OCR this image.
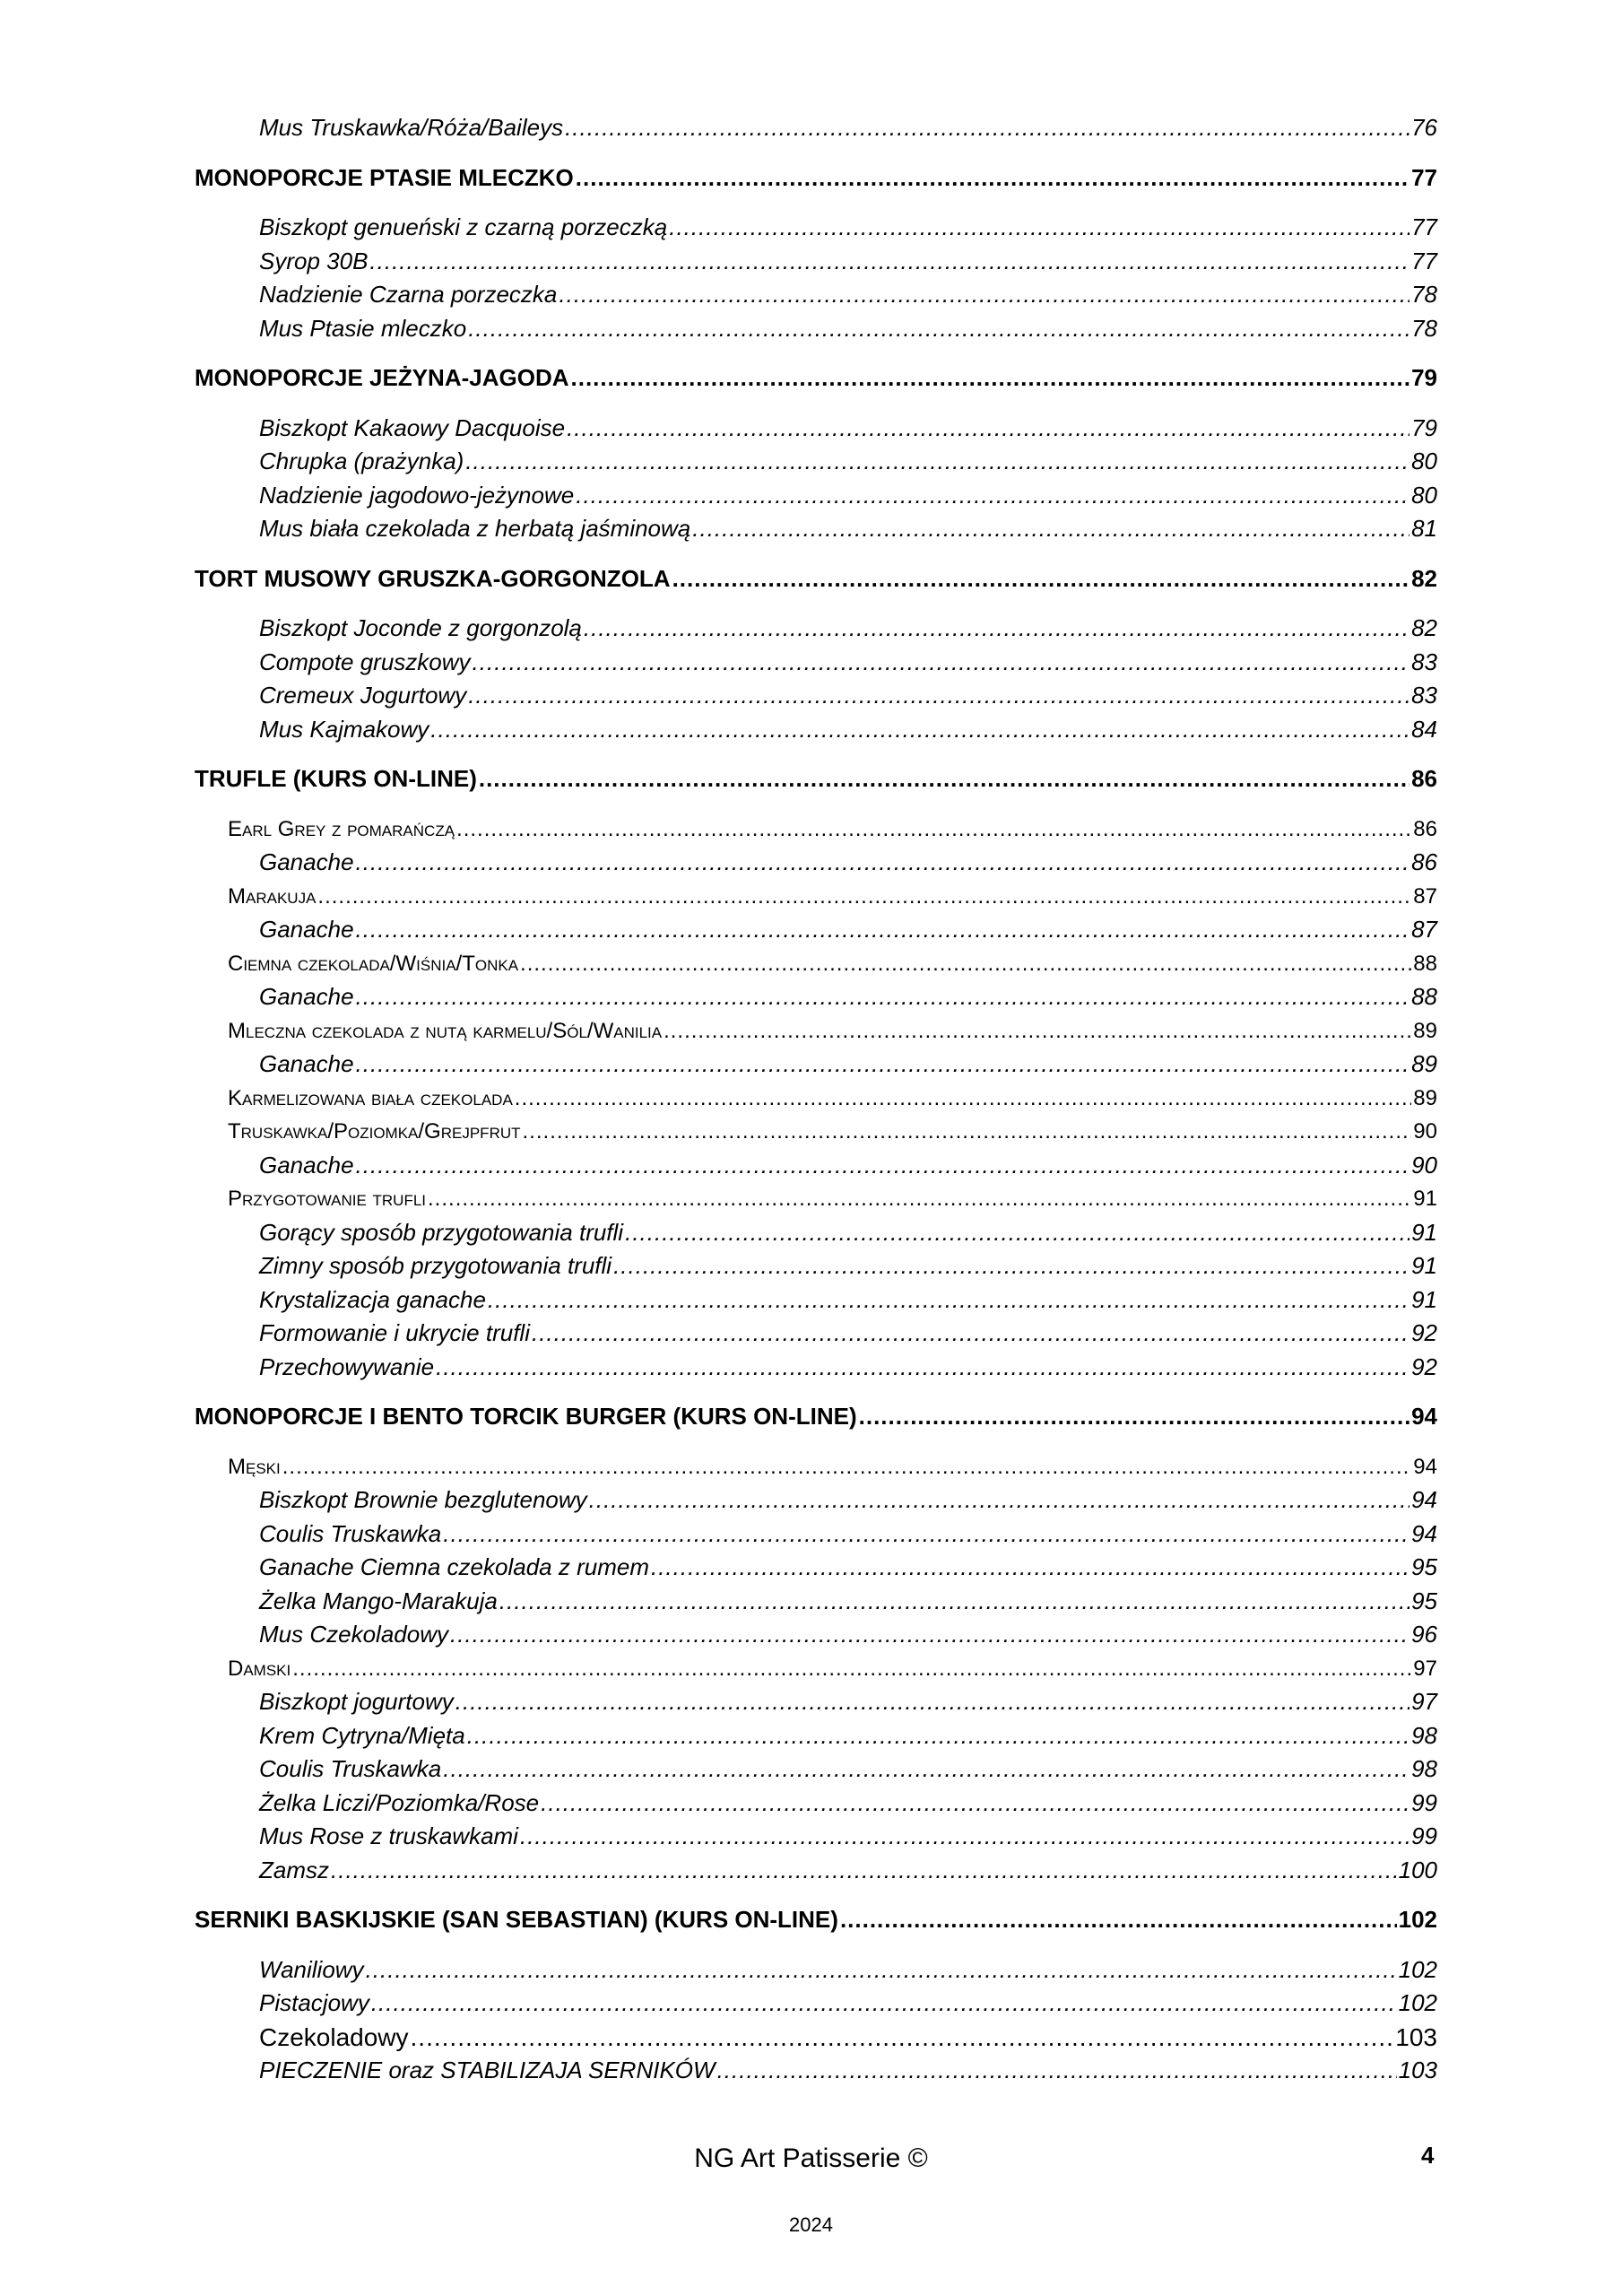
Mus Truskawka/Róża/Baileys .....	76
MONOPORCJE PTASIE MLECZKO .....	77
Biszkopt genueński z czarną porzeczką .....	77
Syrop 30B .....	77
Nadzienie Czarna porzeczka .....	78
Mus Ptasie mleczko .....	78
MONOPORCJE JEŻYNA-JAGODA .....	79
Biszkopt Kakaowy Dacquoise .....	79
Chrupka (prażynka) .....	80
Nadzienie jagodowo-jeżynowe .....	80
Mus biała czekolada z herbatą jaśminową .....	81
TORT MUSOWY GRUSZKA-GORGONZOLA .....	82
Biszkopt Joconde z gorgonzolą .....	82
Compote gruszkowy .....	83
Cremeux Jogurtowy .....	83
Mus Kajmakowy .....	84
TRUFLE (KURS ON-LINE) .....	86
Earl Grey z pomarańczą .....	86
Ganache .....	86
Marakuja .....	87
Ganache .....	87
Ciemna czekolada/Wiśnia/Tonka .....	88
Ganache .....	88
Mleczna czekolada z nutą karmelu/Sól/Wanilia .....	89
Ganache .....	89
Karmelizowana biała czekolada .....	89
Truskawka/Poziomka/Grejpfrut .....	90
Ganache .....	90
Przygotowanie trufli .....	91
Gorący sposób przygotowania trufli .....	91
Zimny sposób przygotowania trufli .....	91
Krystalizacja ganache .....	91
Formowanie i ukrycie trufli .....	92
Przechowywanie .....	92
MONOPORCJE I BENTO TORCIK BURGER (KURS ON-LINE) .....	94
Męski .....	94
Biszkopt Brownie bezglutenowy .....	94
Coulis Truskawka .....	94
Ganache Ciemna czekolada z rumem .....	95
Żelka Mango-Marakuja .....	95
Mus Czekoladowy .....	96
Damski .....	97
Biszkopt jogurtowy .....	97
Krem Cytryna/Mięta .....	98
Coulis Truskawka .....	98
Żelka Liczi/Poziomka/Rose .....	99
Mus Rose z truskawkami .....	99
Zamsz .....	100
SERNIKI BASKIJSKIE (SAN SEBASTIAN) (KURS ON-LINE) .....	102
Waniliowy .....	102
Pistacjowy .....	102
Czekoladowy .....	103
PIECZENIE oraz STABILIZAJA SERNIKÓW .....	103
NG Art Patisserie ©	4
2024
